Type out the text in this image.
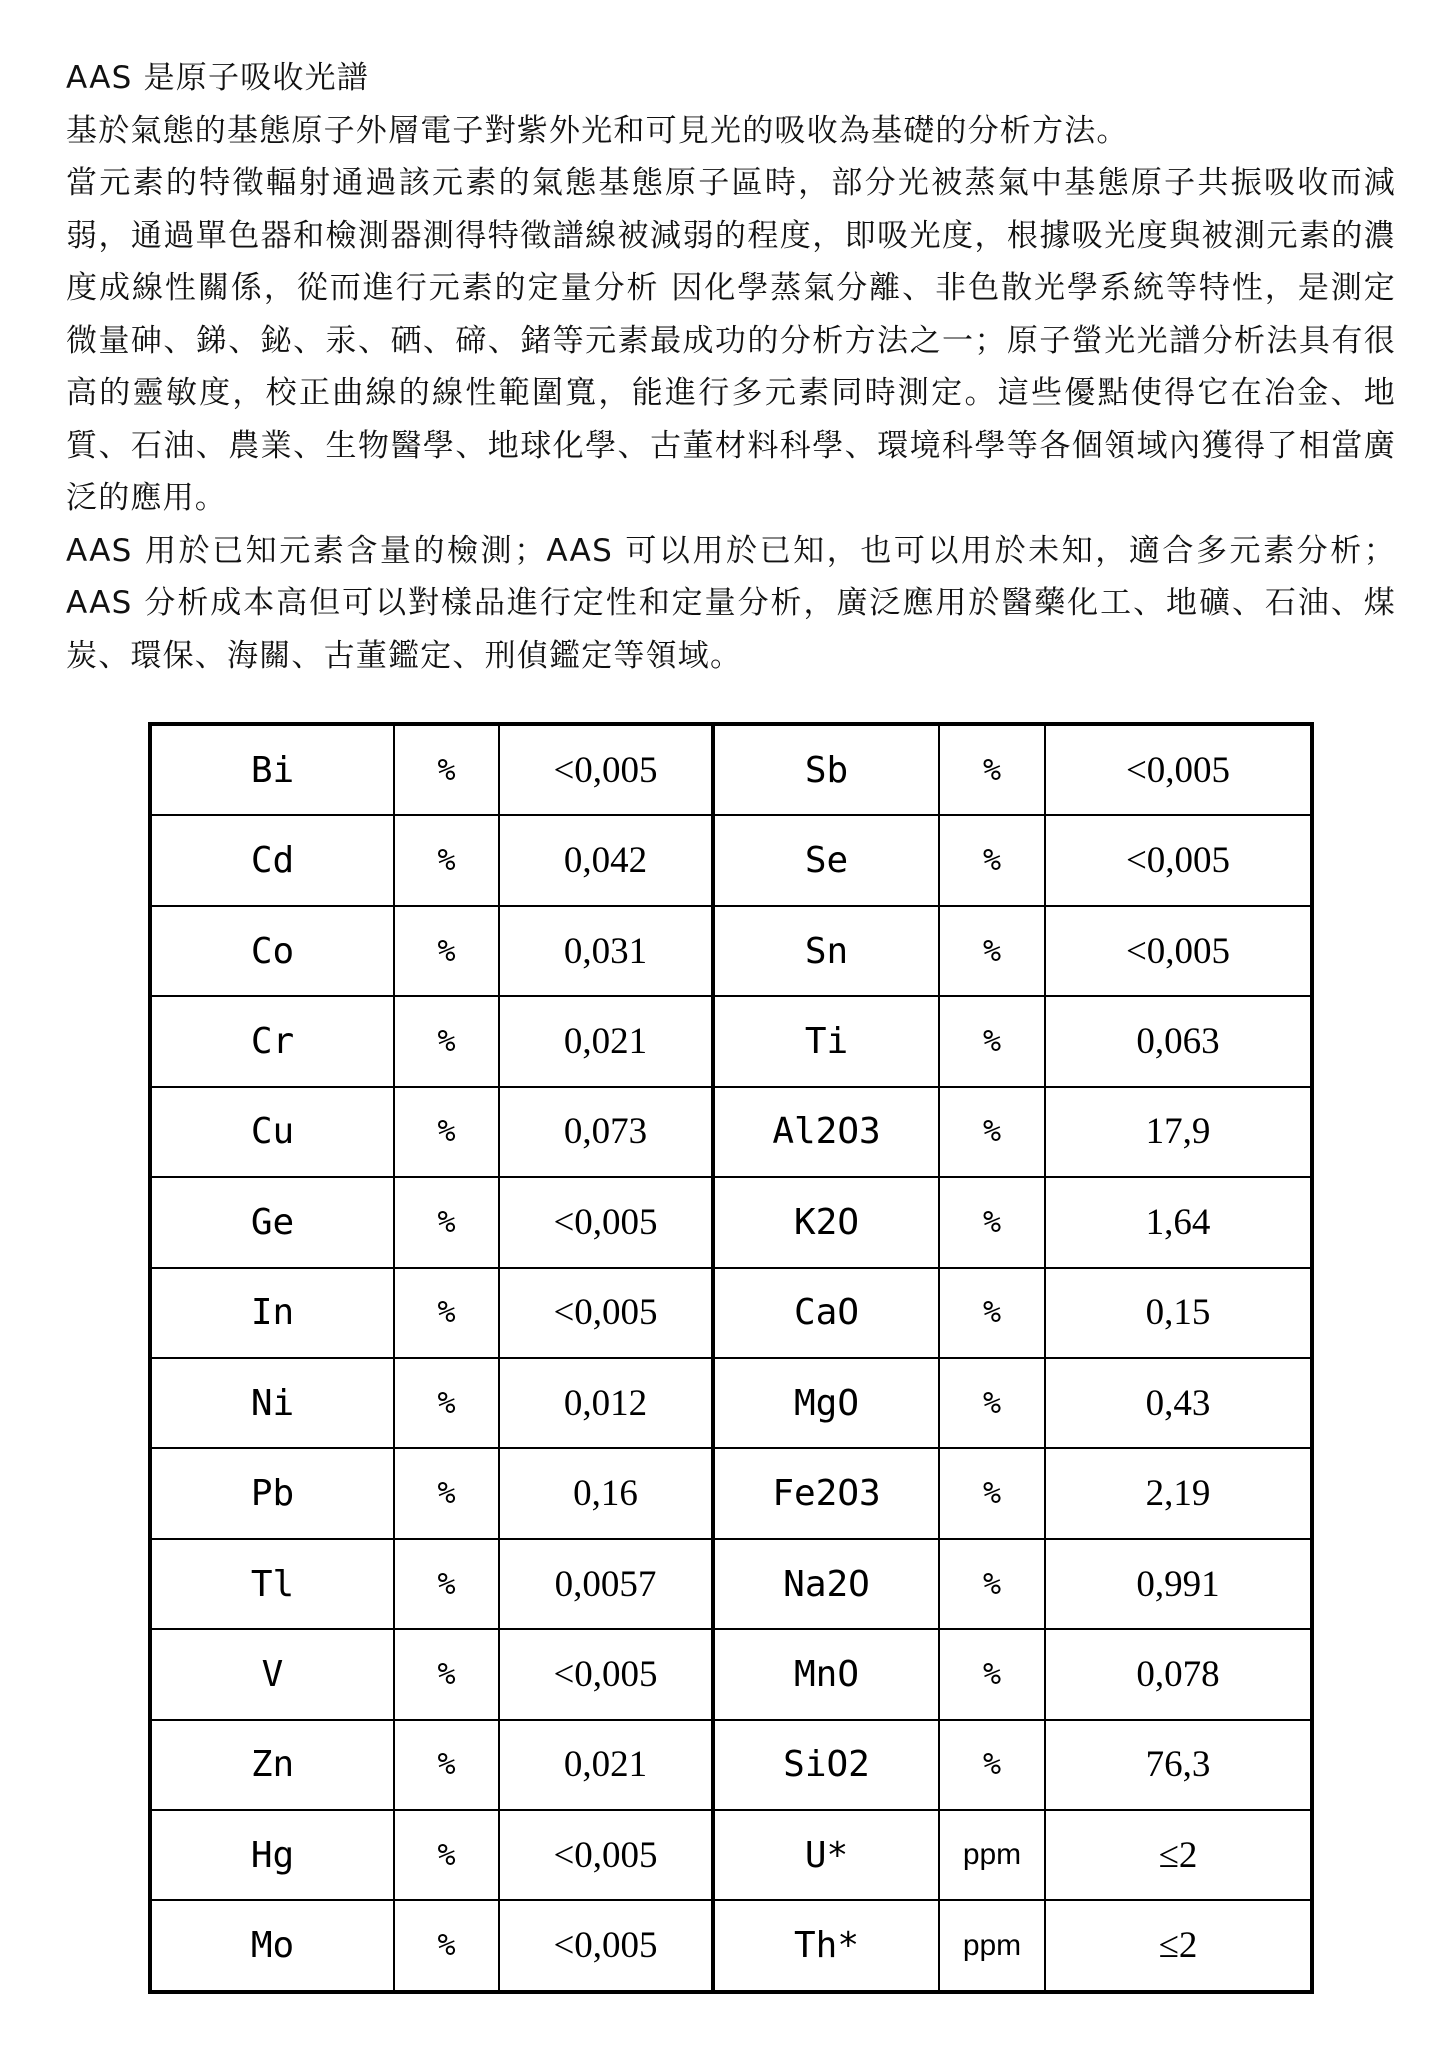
AAS 是原子吸收光譜

基於氣態的基態原子外層電子對紫外光和可見光的吸收為基礎的分析方法。

當元素的特徵輻射通過該元素的氣態基態原子區時，部分光被蒸氣中基態原子共振吸收而減弱，通過單色器和檢測器測得特徵譜線被減弱的程度，即吸光度，根據吸光度與被測元素的濃度成線性關係，從而進行元素的定量分析 因化學蒸氣分離、非色散光學系統等特性，是測定微量砷、銻、鉍、汞、硒、碲、鍺等元素最成功的分析方法之一；原子螢光光譜分析法具有很高的靈敏度，校正曲線的線性範圍寬，能進行多元素同時測定。這些優點使得它在冶金、地質、石油、農業、生物醫學、地球化學、古董材料科學、環境科學等各個領域內獲得了相當廣泛的應用。

AAS 用於已知元素含量的檢測；AAS 可以用於已知，也可以用於未知，適合多元素分析；AAS 分析成本高但可以對樣品進行定性和定量分析，廣泛應用於醫藥化工、地礦、石油、煤炭、環保、海關、古董鑑定、刑偵鑑定等領域。

Bi	%	<0,005	Sb	%	<0,005
Cd	%	0,042	Se	%	<0,005
Co	%	0,031	Sn	%	<0,005
Cr	%	0,021	Ti	%	0,063
Cu	%	0,073	Al2O3	%	17,9
Ge	%	<0,005	K2O	%	1,64
In	%	<0,005	CaO	%	0,15
Ni	%	0,012	MgO	%	0,43
Pb	%	0,16	Fe2O3	%	2,19
Tl	%	0,0057	Na2O	%	0,991
V	%	<0,005	MnO	%	0,078
Zn	%	0,021	SiO2	%	76,3
Hg	%	<0,005	U*	ppm	≤2
Mo	%	<0,005	Th*	ppm	≤2
